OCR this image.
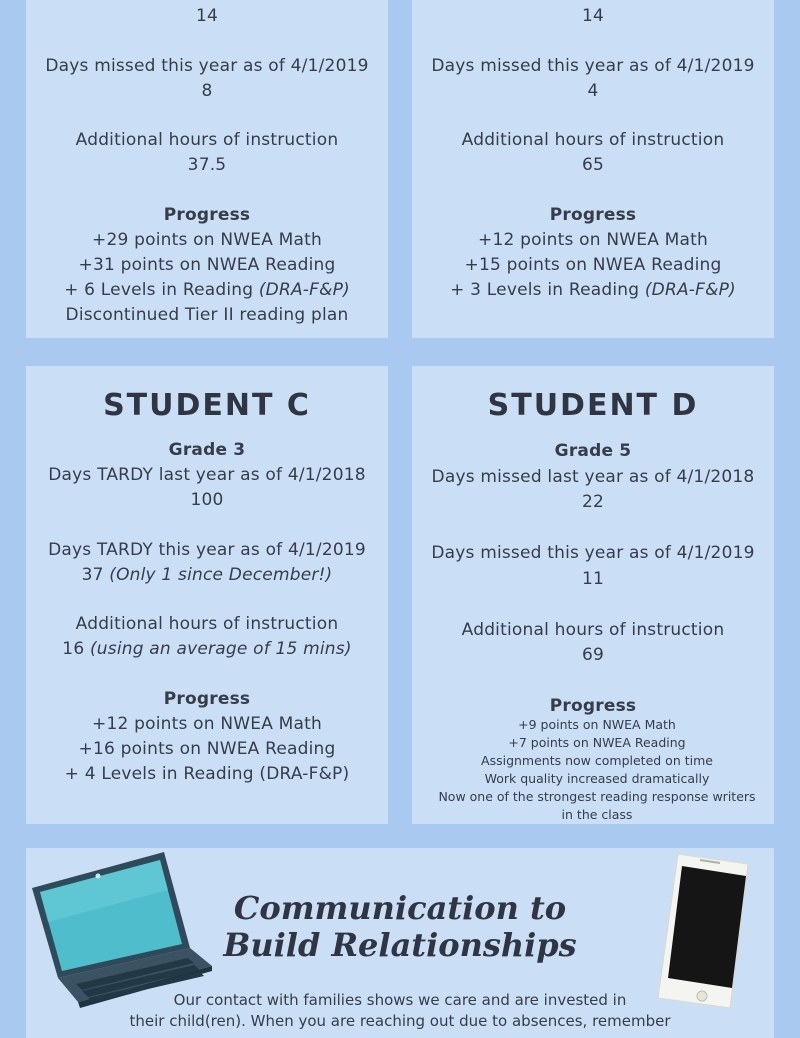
14
Days missed this year as of 4/1/2019
8
Additional hours of instruction
37.5
Progress
+29 points on NWEA Math
+31 points on NWEA Reading
+ 6 Levels in Reading (DRA-F&P)
Discontinued Tier II reading plan
14
Days missed this year as of 4/1/2019
4
Additional hours of instruction
65
Progress
+12 points on NWEA Math
+15 points on NWEA Reading
+ 3 Levels in Reading (DRA-F&P)
STUDENT C
Grade 3
Days TARDY last year as of 4/1/2018
100
Days TARDY this year as of 4/1/2019
37 (Only 1 since December!)
Additional hours of instruction
16 (using an average of 15 mins)
Progress
+12 points on NWEA Math
+16 points on NWEA Reading
+ 4 Levels in Reading (DRA-F&P)
STUDENT D
Grade 5
Days missed last year as of 4/1/2018
22
Days missed this year as of 4/1/2019
11
Additional hours of instruction
69
Progress
+9 points on NWEA Math
+7 points on NWEA Reading
Assignments now completed on time
Work quality increased dramatically
Now one of the strongest reading response writers
in the class
Communication to
Build Relationships
Our contact with families shows we care and are invested in
their child(ren). When you are reaching out due to absences, remember
